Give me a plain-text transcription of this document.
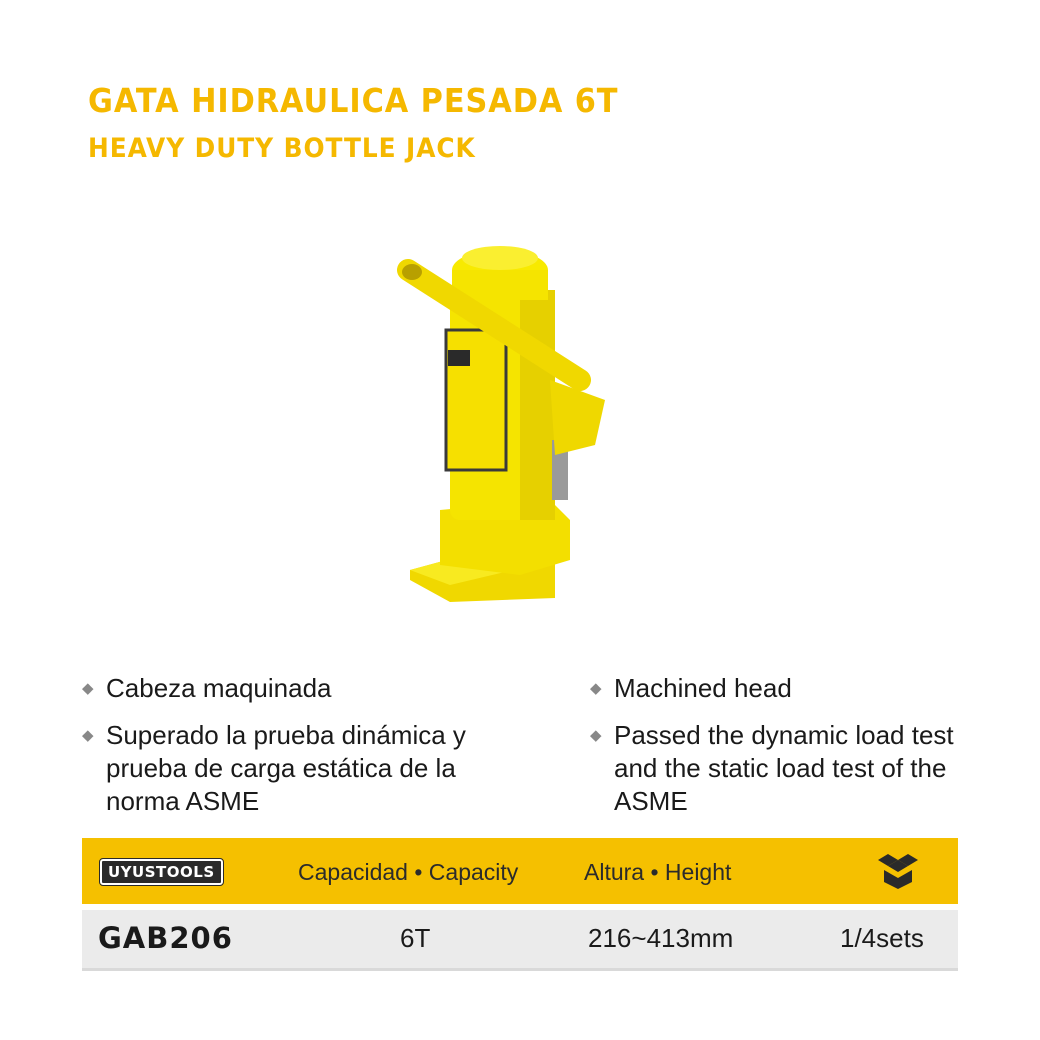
GATA HIDRAULICA PESADA 6T
HEAVY DUTY BOTTLE JACK
◆ Cabeza maquinada
◆ Superado la prueba dinámica y prueba de carga estática de la norma ASME
◆ Machined head
◆ Passed the dynamic load test and the static load test of the ASME
UYUSTOOLS	Capacidad • Capacity	Altura • Height
GAB206	6T	216~413mm	1/4sets
